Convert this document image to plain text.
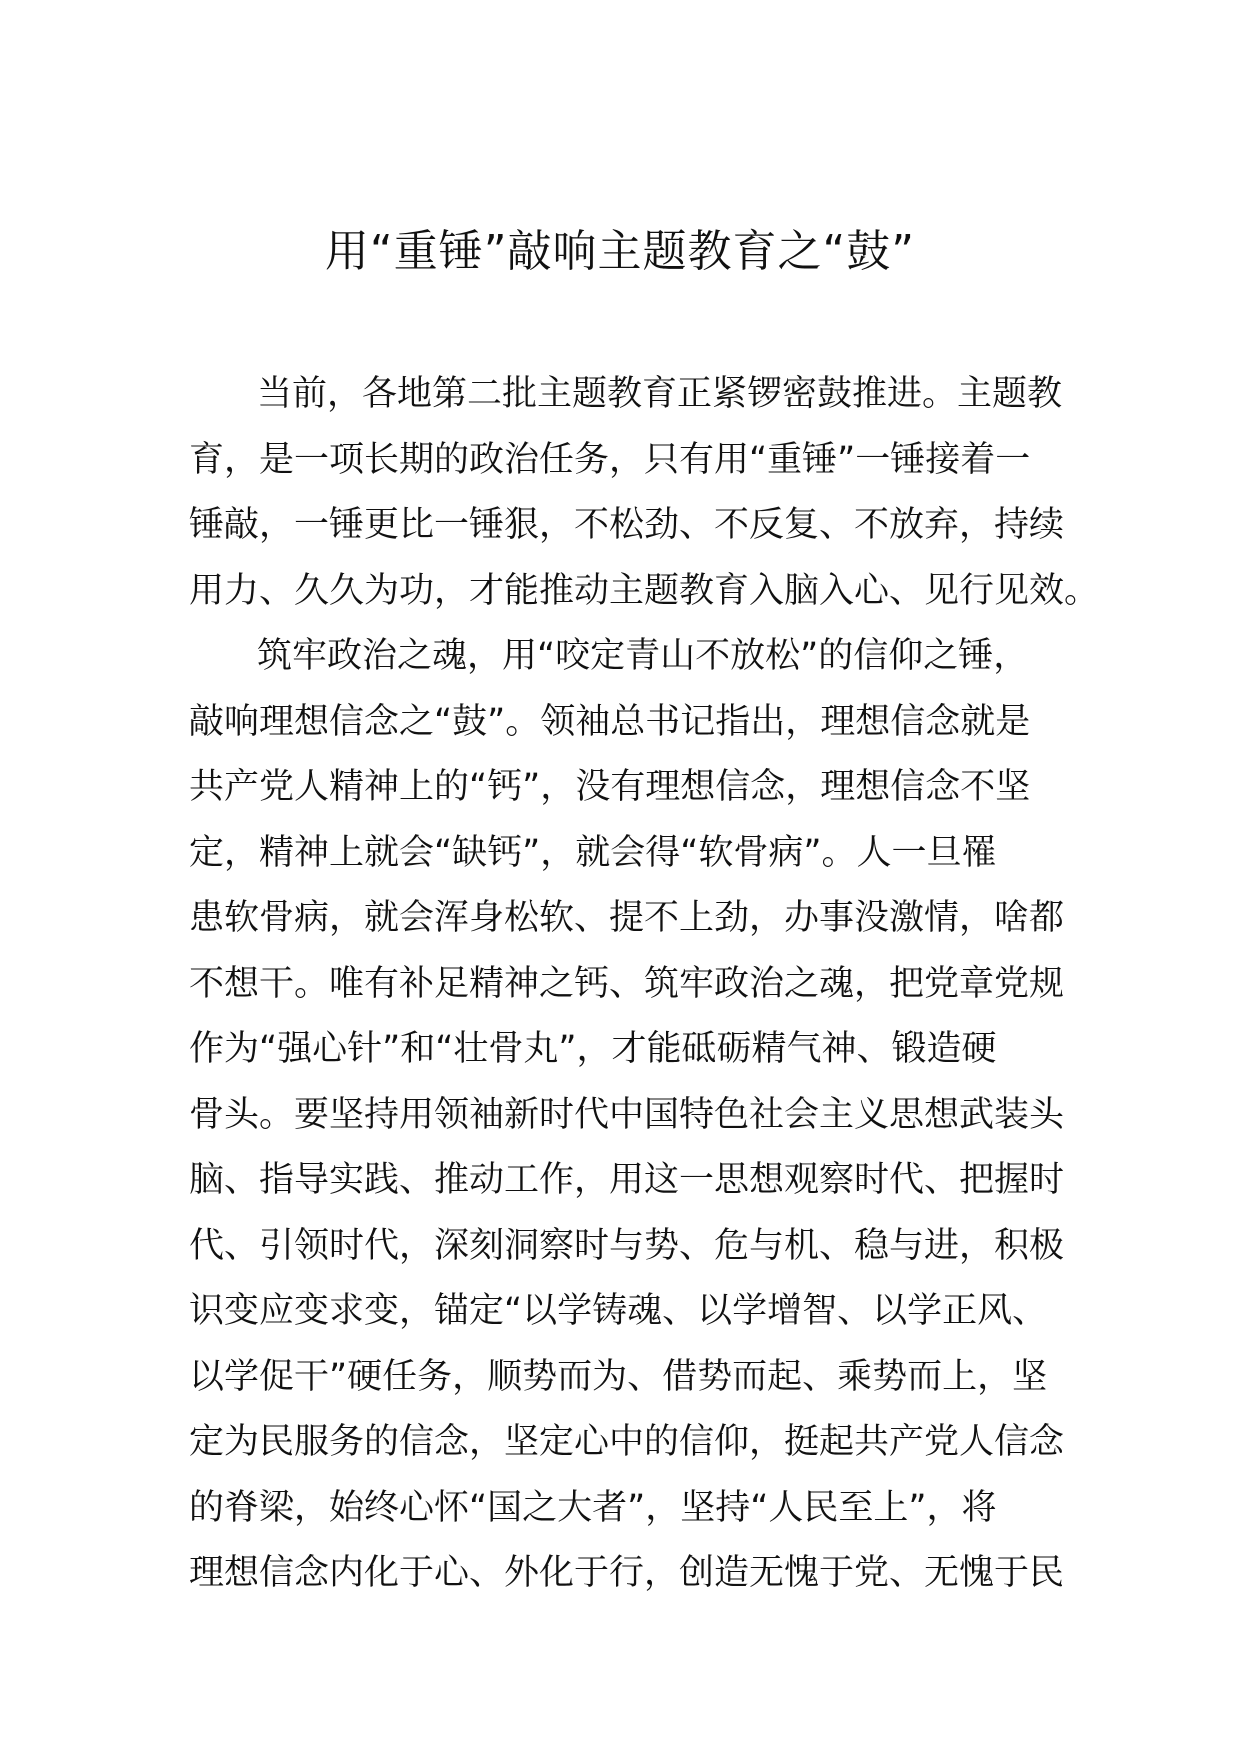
用“重锤”敲响主题教育之“鼓”
当前，各地第二批主题教育正紧锣密鼓推进。主题教
育，是一项长期的政治任务，只有用“重锤”一锤接着一
锤敲，一锤更比一锤狠，不松劲、不反复、不放弃，持续
用力、久久为功，才能推动主题教育入脑入心、见行见效。
筑牢政治之魂，用“咬定青山不放松”的信仰之锤，
敲响理想信念之“鼓”。领袖总书记指出，理想信念就是
共产党人精神上的“钙”，没有理想信念，理想信念不坚
定，精神上就会“缺钙”，就会得“软骨病”。人一旦罹
患软骨病，就会浑身松软、提不上劲，办事没激情，啥都
不想干。唯有补足精神之钙、筑牢政治之魂，把党章党规
作为“强心针”和“壮骨丸”，才能砥砺精气神、锻造硬
骨头。要坚持用领袖新时代中国特色社会主义思想武装头
脑、指导实践、推动工作，用这一思想观察时代、把握时
代、引领时代，深刻洞察时与势、危与机、稳与进，积极
识变应变求变，锚定“以学铸魂、以学增智、以学正风、
以学促干”硬任务，顺势而为、借势而起、乘势而上，坚
定为民服务的信念，坚定心中的信仰，挺起共产党人信念
的脊梁，始终心怀“国之大者”，坚持“人民至上”，将
理想信念内化于心、外化于行，创造无愧于党、无愧于民
